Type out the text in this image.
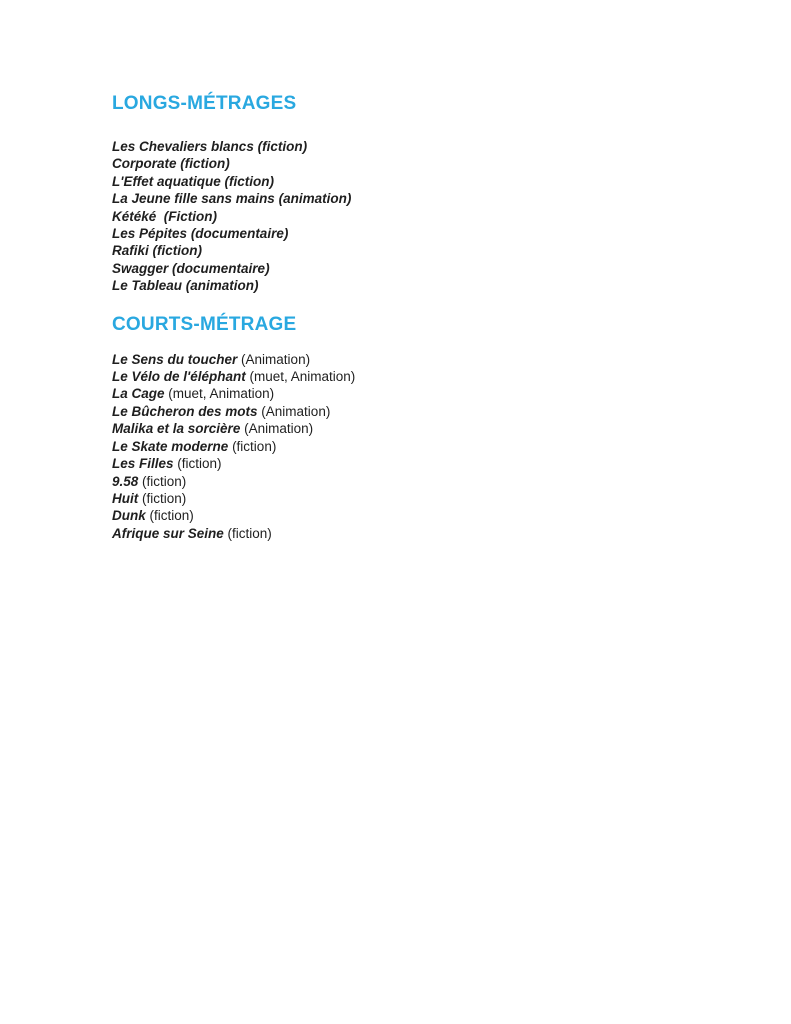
LONGS-MÉTRAGES
Les Chevaliers blancs (fiction)
Corporate (fiction)
L'Effet aquatique (fiction)
La Jeune fille sans mains (animation)
Kétéké  (Fiction)
Les Pépites (documentaire)
Rafiki (fiction)
Swagger (documentaire)
Le Tableau (animation)
COURTS-MÉTRAGE
Le Sens du toucher (Animation)
Le Vélo de l'éléphant (muet, Animation)
La Cage (muet, Animation)
Le Bûcheron des mots (Animation)
Malika et la sorcière (Animation)
Le Skate moderne (fiction)
Les Filles (fiction)
9.58 (fiction)
Huit (fiction)
Dunk (fiction)
Afrique sur Seine (fiction)
